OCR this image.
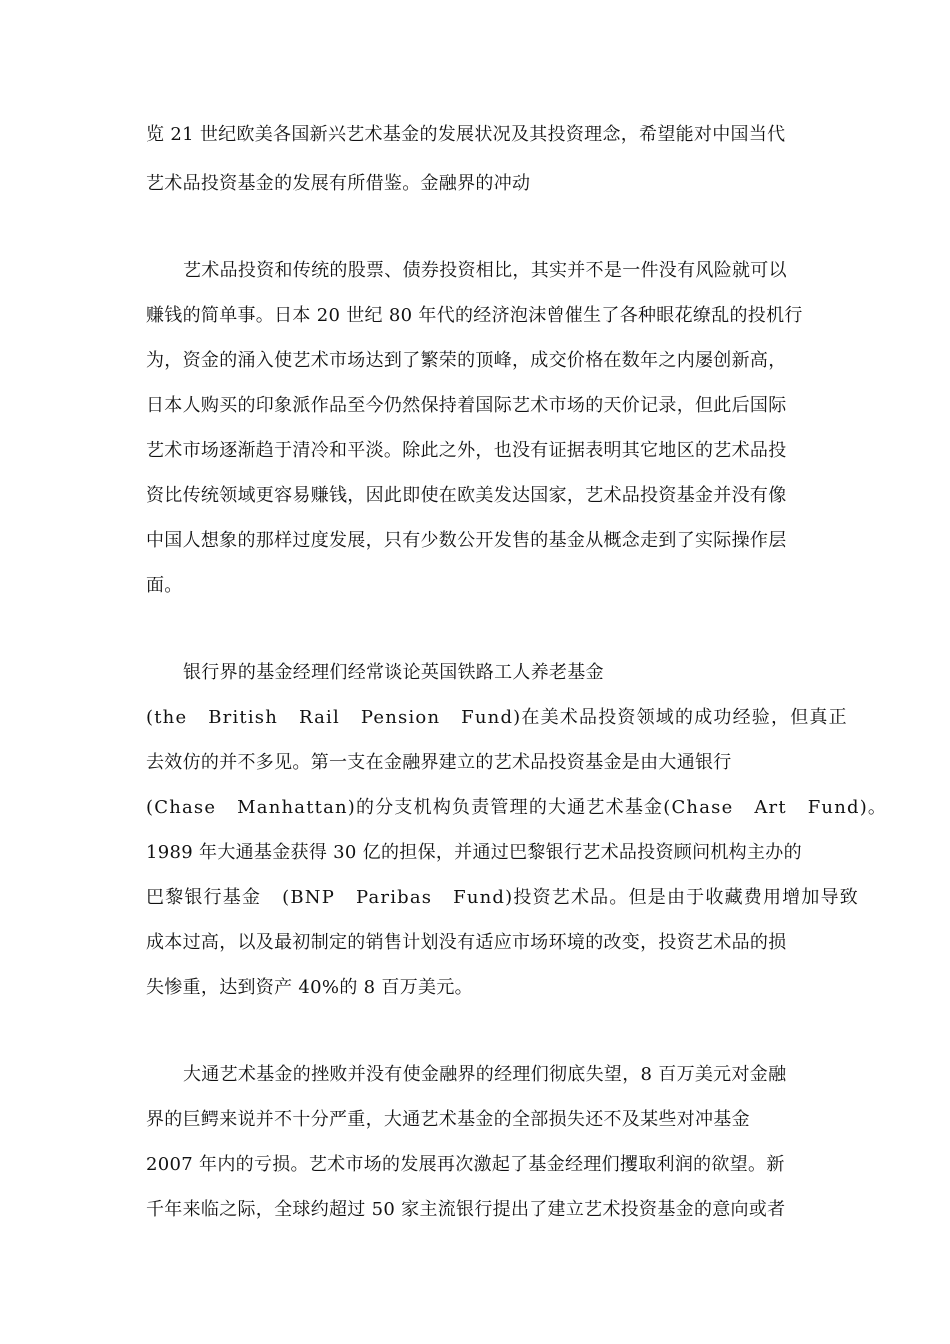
览 21 世纪欧美各国新兴艺术基金的发展状况及其投资理念，希望能对中国当代
艺术品投资基金的发展有所借鉴。金融界的冲动
艺术品投资和传统的股票、债券投资相比，其实并不是一件没有风险就可以
赚钱的简单事。日本 20 世纪 80 年代的经济泡沫曾催生了各种眼花缭乱的投机行
为，资金的涌入使艺术市场达到了繁荣的顶峰，成交价格在数年之内屡创新高，
日本人购买的印象派作品至今仍然保持着国际艺术市场的天价记录，但此后国际
艺术市场逐渐趋于清冷和平淡。除此之外，也没有证据表明其它地区的艺术品投
资比传统领域更容易赚钱，因此即使在欧美发达国家，艺术品投资基金并没有像
中国人想象的那样过度发展，只有少数公开发售的基金从概念走到了实际操作层
面。
银行界的基金经理们经常谈论英国铁路工人养老基金
(the British Rail Pension Fund)在美术品投资领域的成功经验，但真正
去效仿的并不多见。第一支在金融界建立的艺术品投资基金是由大通银行
(Chase Manhattan)的分支机构负责管理的大通艺术基金(Chase Art Fund)。
1989 年大通基金获得 30 亿的担保，并通过巴黎银行艺术品投资顾问机构主办的
巴黎银行基金 (BNP Paribas Fund)投资艺术品。但是由于收藏费用增加导致
成本过高，以及最初制定的销售计划没有适应市场环境的改变，投资艺术品的损
失惨重，达到资产 40%的 8 百万美元。
大通艺术基金的挫败并没有使金融界的经理们彻底失望，8 百万美元对金融
界的巨鳄来说并不十分严重，大通艺术基金的全部损失还不及某些对冲基金
2007 年内的亏损。艺术市场的发展再次激起了基金经理们攫取利润的欲望。新
千年来临之际，全球约超过 50 家主流银行提出了建立艺术投资基金的意向或者
